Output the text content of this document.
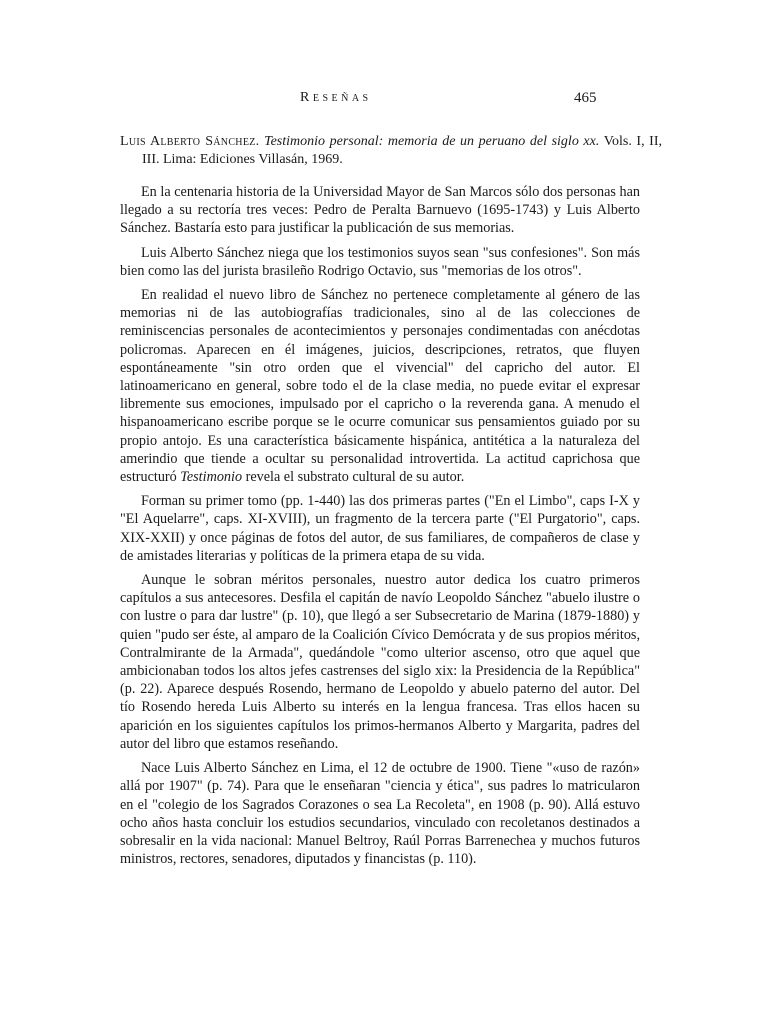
Reseñas	465
Luis Alberto Sánchez. Testimonio personal: memoria de un peruano del siglo xx. Vols. I, II, III. Lima: Ediciones Villasán, 1969.

En la centenaria historia de la Universidad Mayor de San Marcos sólo dos personas han llegado a su rectoría tres veces: Pedro de Peralta Barnuevo (1695-1743) y Luis Alberto Sánchez. Bastaría esto para justificar la publicación de sus memorias.

Luis Alberto Sánchez niega que los testimonios suyos sean "sus confesiones". Son más bien como las del jurista brasileño Rodrigo Octavio, sus "memorias de los otros".

En realidad el nuevo libro de Sánchez no pertenece completamente al género de las memorias ni de las autobiografías tradicionales, sino al de las colecciones de reminiscencias personales de acontecimientos y personajes condimentadas con anécdotas policromas. Aparecen en él imágenes, juicios, descripciones, retratos, que fluyen espontáneamente "sin otro orden que el vivencial" del capricho del autor. El latinoamericano en general, sobre todo el de la clase media, no puede evitar el expresar libremente sus emociones, impulsado por el capricho o la reverenda gana. A menudo el hispanoamericano escribe porque se le ocurre comunicar sus pensamientos guiado por su propio antojo. Es una característica básicamente hispánica, antitética a la naturaleza del amerindio que tiende a ocultar su personalidad introvertida. La actitud caprichosa que estructuró Testimonio revela el substrato cultural de su autor.

Forman su primer tomo (pp. 1-440) las dos primeras partes ("En el Limbo", caps I-X y "El Aquelarre", caps. XI-XVIII), un fragmento de la tercera parte ("El Purgatorio", caps. XIX-XXII) y once páginas de fotos del autor, de sus familiares, de compañeros de clase y de amistades literarias y políticas de la primera etapa de su vida.

Aunque le sobran méritos personales, nuestro autor dedica los cuatro primeros capítulos a sus antecesores. Desfila el capitán de navío Leopoldo Sánchez "abuelo ilustre o con lustre o para dar lustre" (p. 10), que llegó a ser Subsecretario de Marina (1879-1880) y quien "pudo ser éste, al amparo de la Coalición Cívico Demócrata y de sus propios méritos, Contralmirante de la Armada", quedándole "como ulterior ascenso, otro que aquel que ambicionaban todos los altos jefes castrenses del siglo xix: la Presidencia de la República" (p. 22). Aparece después Rosendo, hermano de Leopoldo y abuelo paterno del autor. Del tío Rosendo hereda Luis Alberto su interés en la lengua francesa. Tras ellos hacen su aparición en los siguientes capítulos los primos-hermanos Alberto y Margarita, padres del autor del libro que estamos reseñando.

Nace Luis Alberto Sánchez en Lima, el 12 de octubre de 1900. Tiene "«uso de razón» allá por 1907" (p. 74). Para que le enseñaran "ciencia y ética", sus padres lo matricularon en el "colegio de los Sagrados Corazones o sea La Recoleta", en 1908 (p. 90). Allá estuvo ocho años hasta concluir los estudios secundarios, vinculado con recoletanos destinados a sobresalir en la vida nacional: Manuel Beltroy, Raúl Porras Barrenechea y muchos futuros ministros, rectores, senadores, diputados y financistas (p. 110).
